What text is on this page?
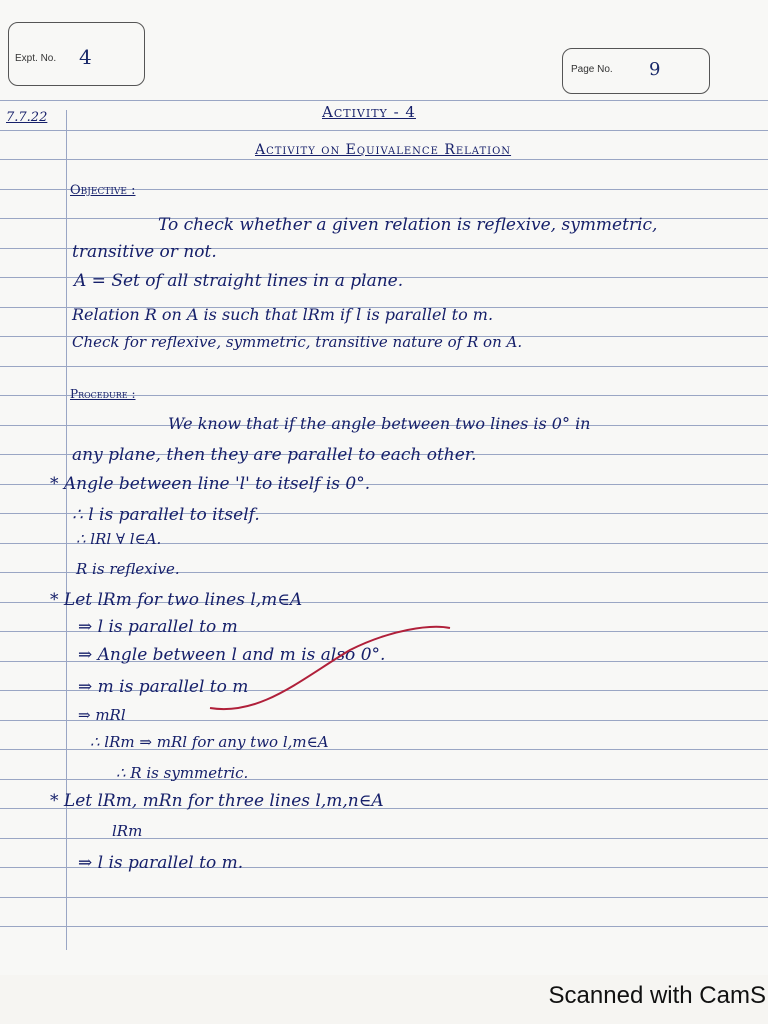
Expt. No. 4
Page No. 9
7.7.22	Activity - 4
Activity on Equivalence Relation
Objective :
To check whether a given relation is reflexive, symmetric,
transitive or not.
A = Set of all straight lines in a plane.
Relation R on A is such that lRm if l is parallel to m.
Check for reflexive, symmetric, transitive nature of R on A.
Procedure :
We know that if the angle between two lines is 0° in
any plane, then they are parallel to each other.
* Angle between line 'l' to itself is 0°.
∴ l is parallel to itself.
∴ lRl ∀ l∈A.
R is reflexive.
* Let lRm for two lines l,m∈A
⇒ l is parallel to m
⇒ Angle between l and m is also 0°.
⇒ m is parallel to m
⇒ mRl
∴ lRm ⇒ mRl for any two l,m∈A
∴ R is symmetric.
* Let lRm, mRn for three lines l,m,n∈A
lRm
⇒ l is parallel to m.
Scanned with CamS
